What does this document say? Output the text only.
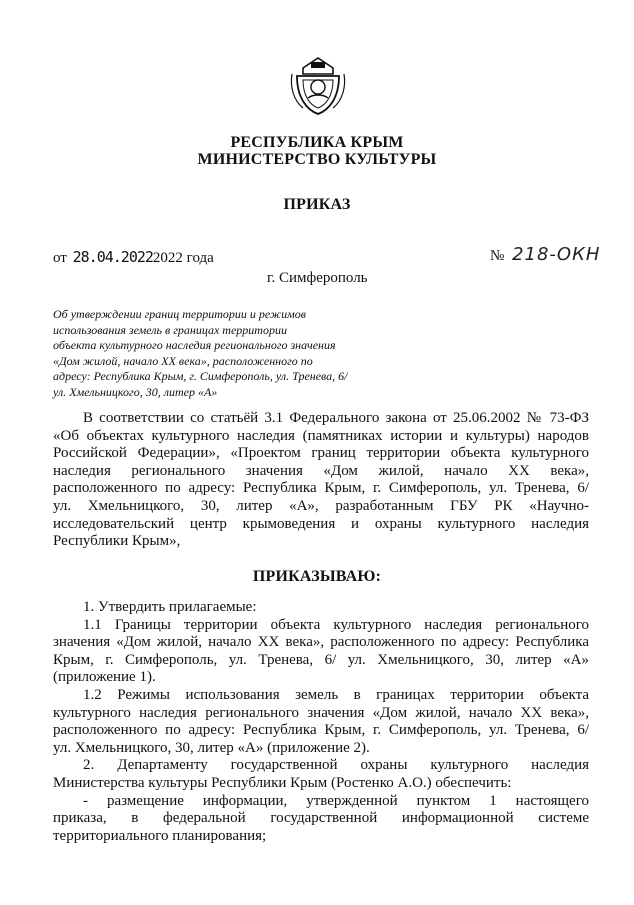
РЕСПУБЛИКА КРЫМ
МИНИСТЕРСТВО КУЛЬТУРЫ
ПРИКАЗ
от 28.04.20222022 года	№ 218-ОКН
г. Симферополь
Об утверждении границ территории и режимов
использования земель в границах территории
объекта культурного наследия регионального значения
«Дом жилой, начало XX века», расположенного по
адресу: Республика Крым, г. Симферополь, ул. Тренева, 6/
ул. Хмельницкого, 30, литер «А»
В соответствии со статьёй 3.1 Федерального закона от 25.06.2002 № 73-ФЗ
«Об объектах культурного наследия (памятниках истории и культуры) народов
Российской Федерации», «Проектом границ территории объекта культурного
наследия регионального значения «Дом жилой, начало XX века»,
расположенного по адресу: Республика Крым, г. Симферополь, ул. Тренева, 6/
ул. Хмельницкого, 30, литер «А», разработанным ГБУ РК «Научно-
исследовательский центр крымоведения и охраны культурного наследия
Республики Крым»,
ПРИКАЗЫВАЮ:
1. Утвердить прилагаемые:
1.1 Границы территории объекта культурного наследия регионального
значения «Дом жилой, начало XX века», расположенного по адресу: Республика
Крым, г. Симферополь, ул. Тренева, 6/ ул. Хмельницкого, 30, литер «А»
(приложение 1).
1.2 Режимы использования земель в границах территории объекта
культурного наследия регионального значения «Дом жилой, начало XX века»,
расположенного по адресу: Республика Крым, г. Симферополь, ул. Тренева, 6/
ул. Хмельницкого, 30, литер «А» (приложение 2).
2. Департаменту государственной охраны культурного наследия
Министерства культуры Республики Крым (Ростенко А.О.) обеспечить:
- размещение информации, утвержденной пунктом 1 настоящего
приказа, в федеральной государственной информационной системе
территориального планирования;
